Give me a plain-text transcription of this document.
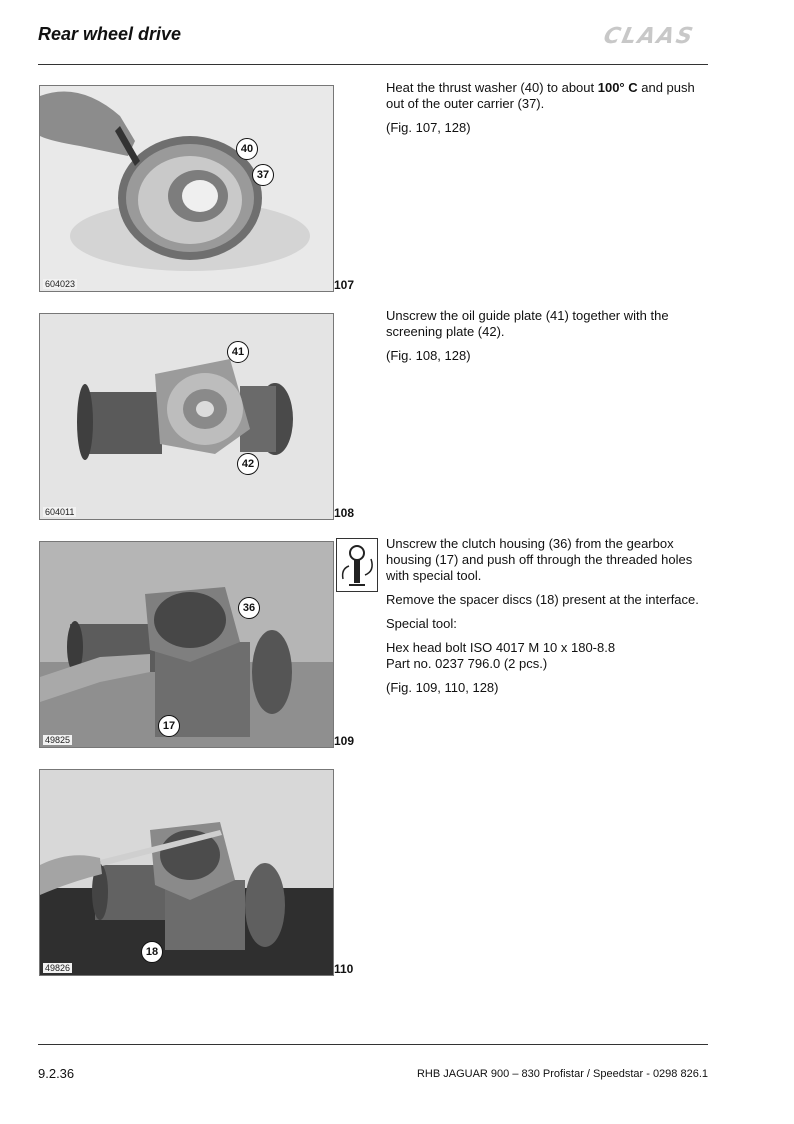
Rear wheel drive	CLAAS
40
37
604023	107
41
42
604011	108
36
17
49825	109
18
49826	110

Heat the thrust washer (40) to about 100° C and push out of the outer carrier (37).

(Fig. 107, 128)

Unscrew the oil guide plate (41) together with the screening plate (42).

(Fig. 108, 128)

Unscrew the clutch housing (36) from the gearbox housing (17) and push off through the threaded holes with special tool.

Remove the spacer discs (18) present at the interface.

Special tool:

Hex head bolt ISO 4017 M 10 x 180-8.8

Part no. 0237 796.0 (2 pcs.)

(Fig. 109, 110, 128)

9.2.36	RHB JAGUAR 900 – 830 Profistar / Speedstar - 0298 826.1
